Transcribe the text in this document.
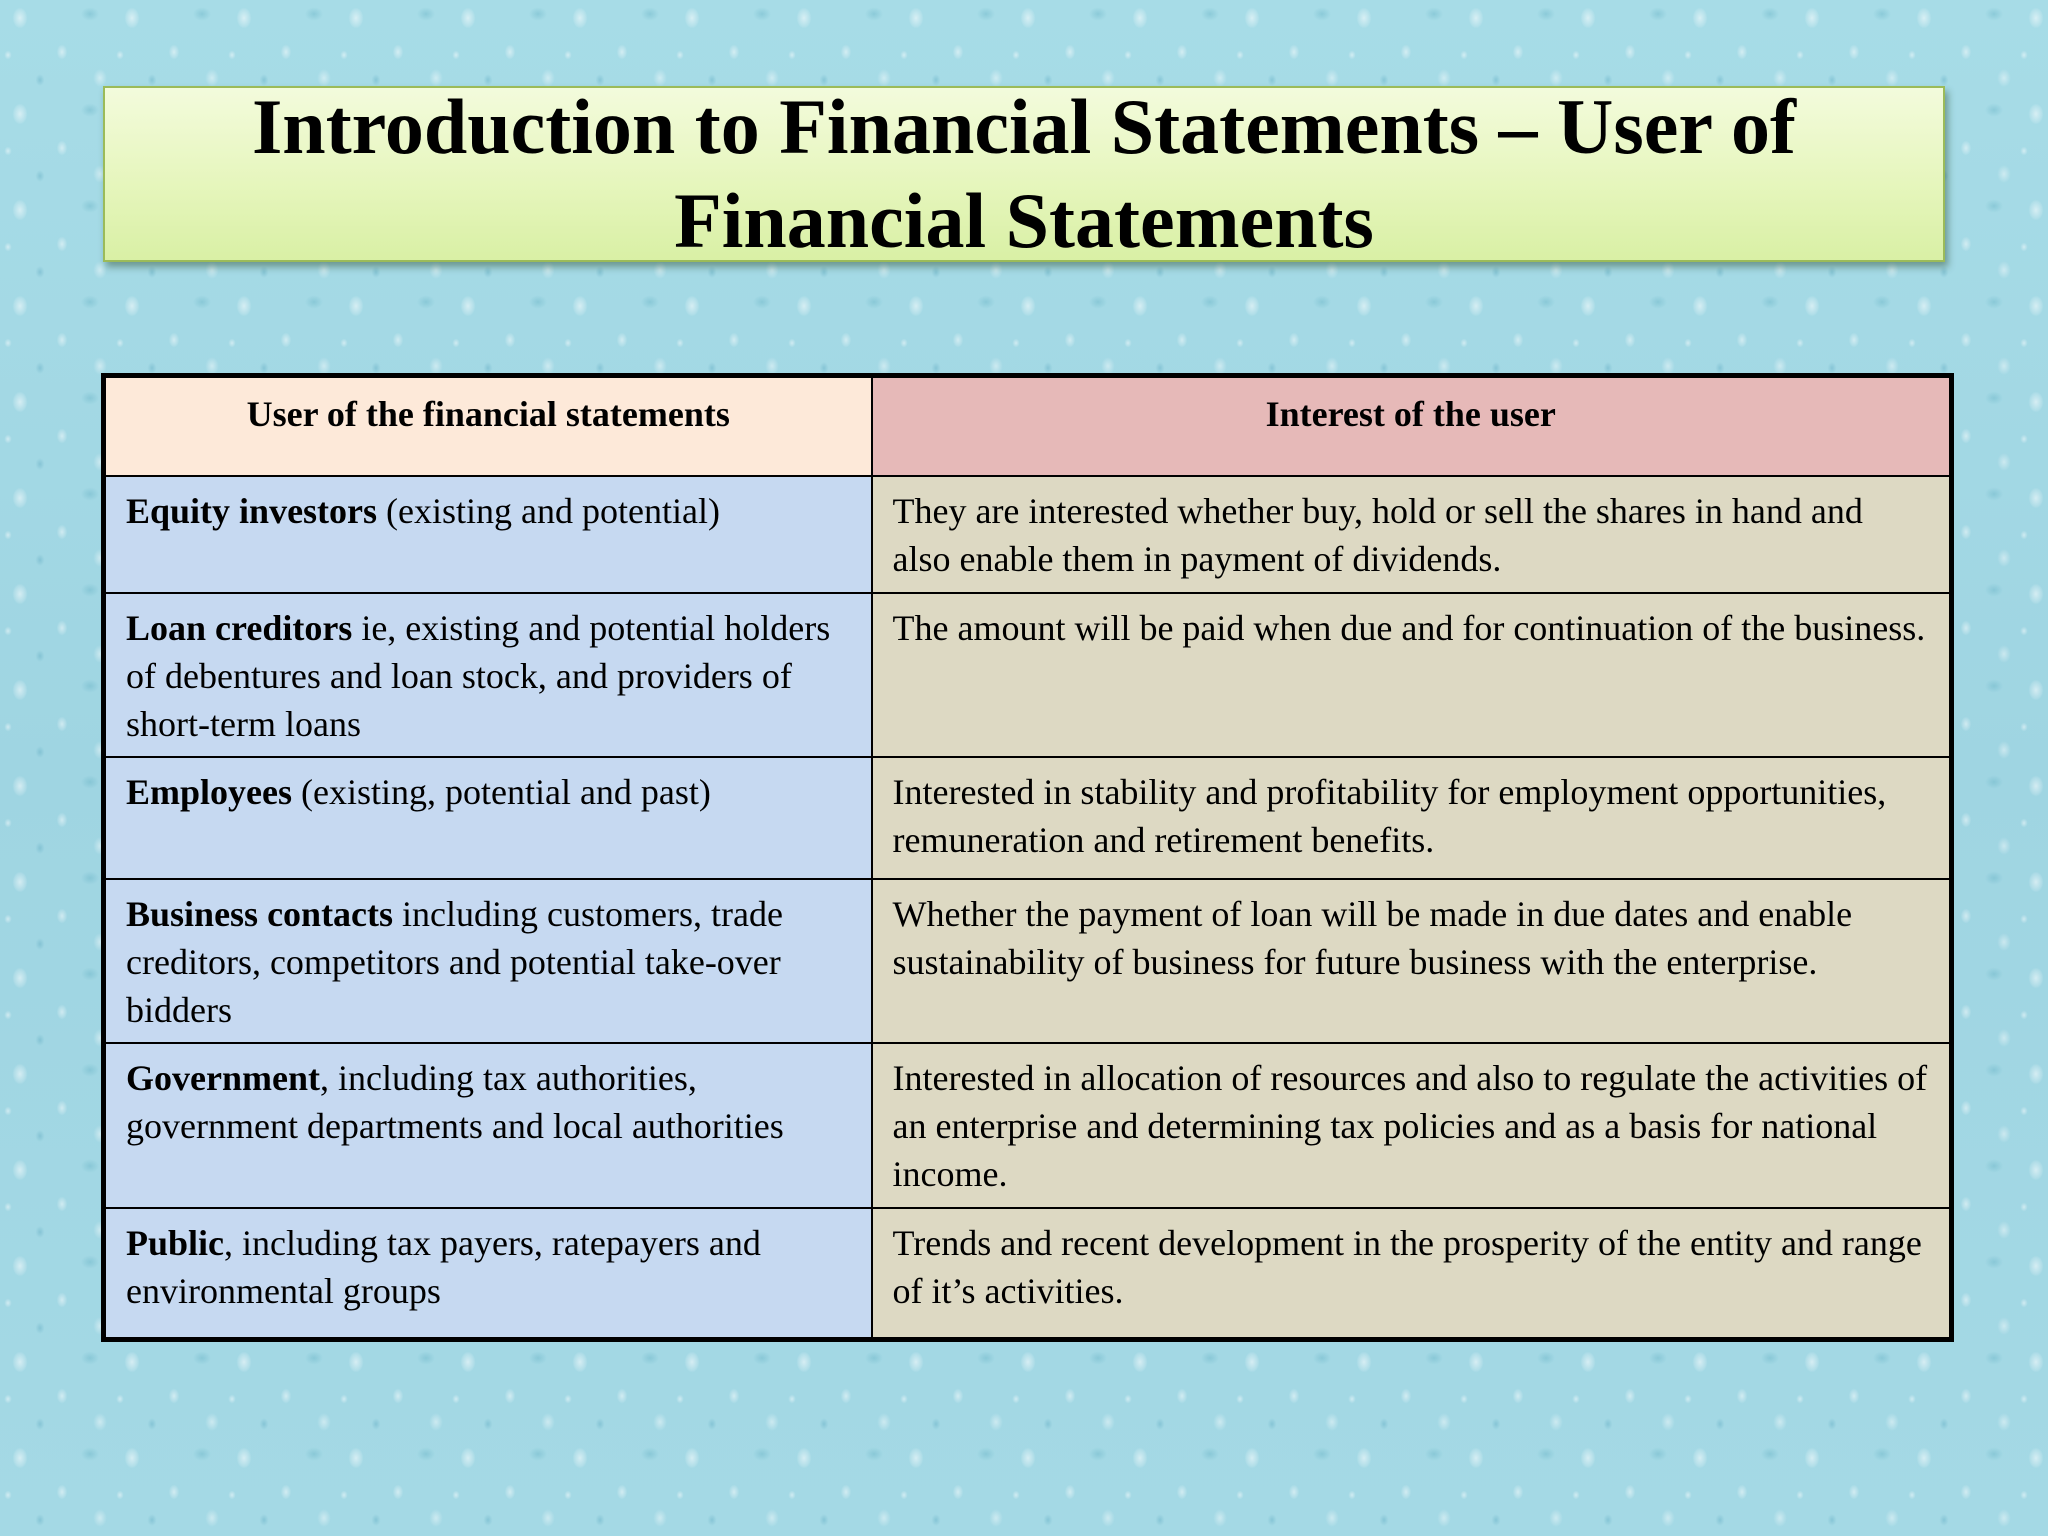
Introduction to Financial Statements – User of Financial Statements
User of the financial statements	Interest of the user
Equity investors (existing and potential)	They are interested whether buy, hold or sell the shares in hand and also enable them in payment of dividends.
Loan creditors ie, existing and potential holders of debentures and loan stock, and providers of short-term loans	The amount will be paid when due and for continuation of the business.
Employees (existing, potential and past)	Interested in stability and profitability for employment opportunities, remuneration and retirement benefits.
Business contacts including customers, trade creditors, competitors and potential take-over bidders	Whether the payment of loan will be made in due dates and enable sustainability of business for future business with the enterprise.
Government, including tax authorities, government departments and local authorities	Interested in allocation of resources and also to regulate the activities of an enterprise and determining tax policies and as a basis for national income.
Public, including tax payers, ratepayers and environmental groups	Trends and recent development in the prosperity of the entity and range of it’s activities.
